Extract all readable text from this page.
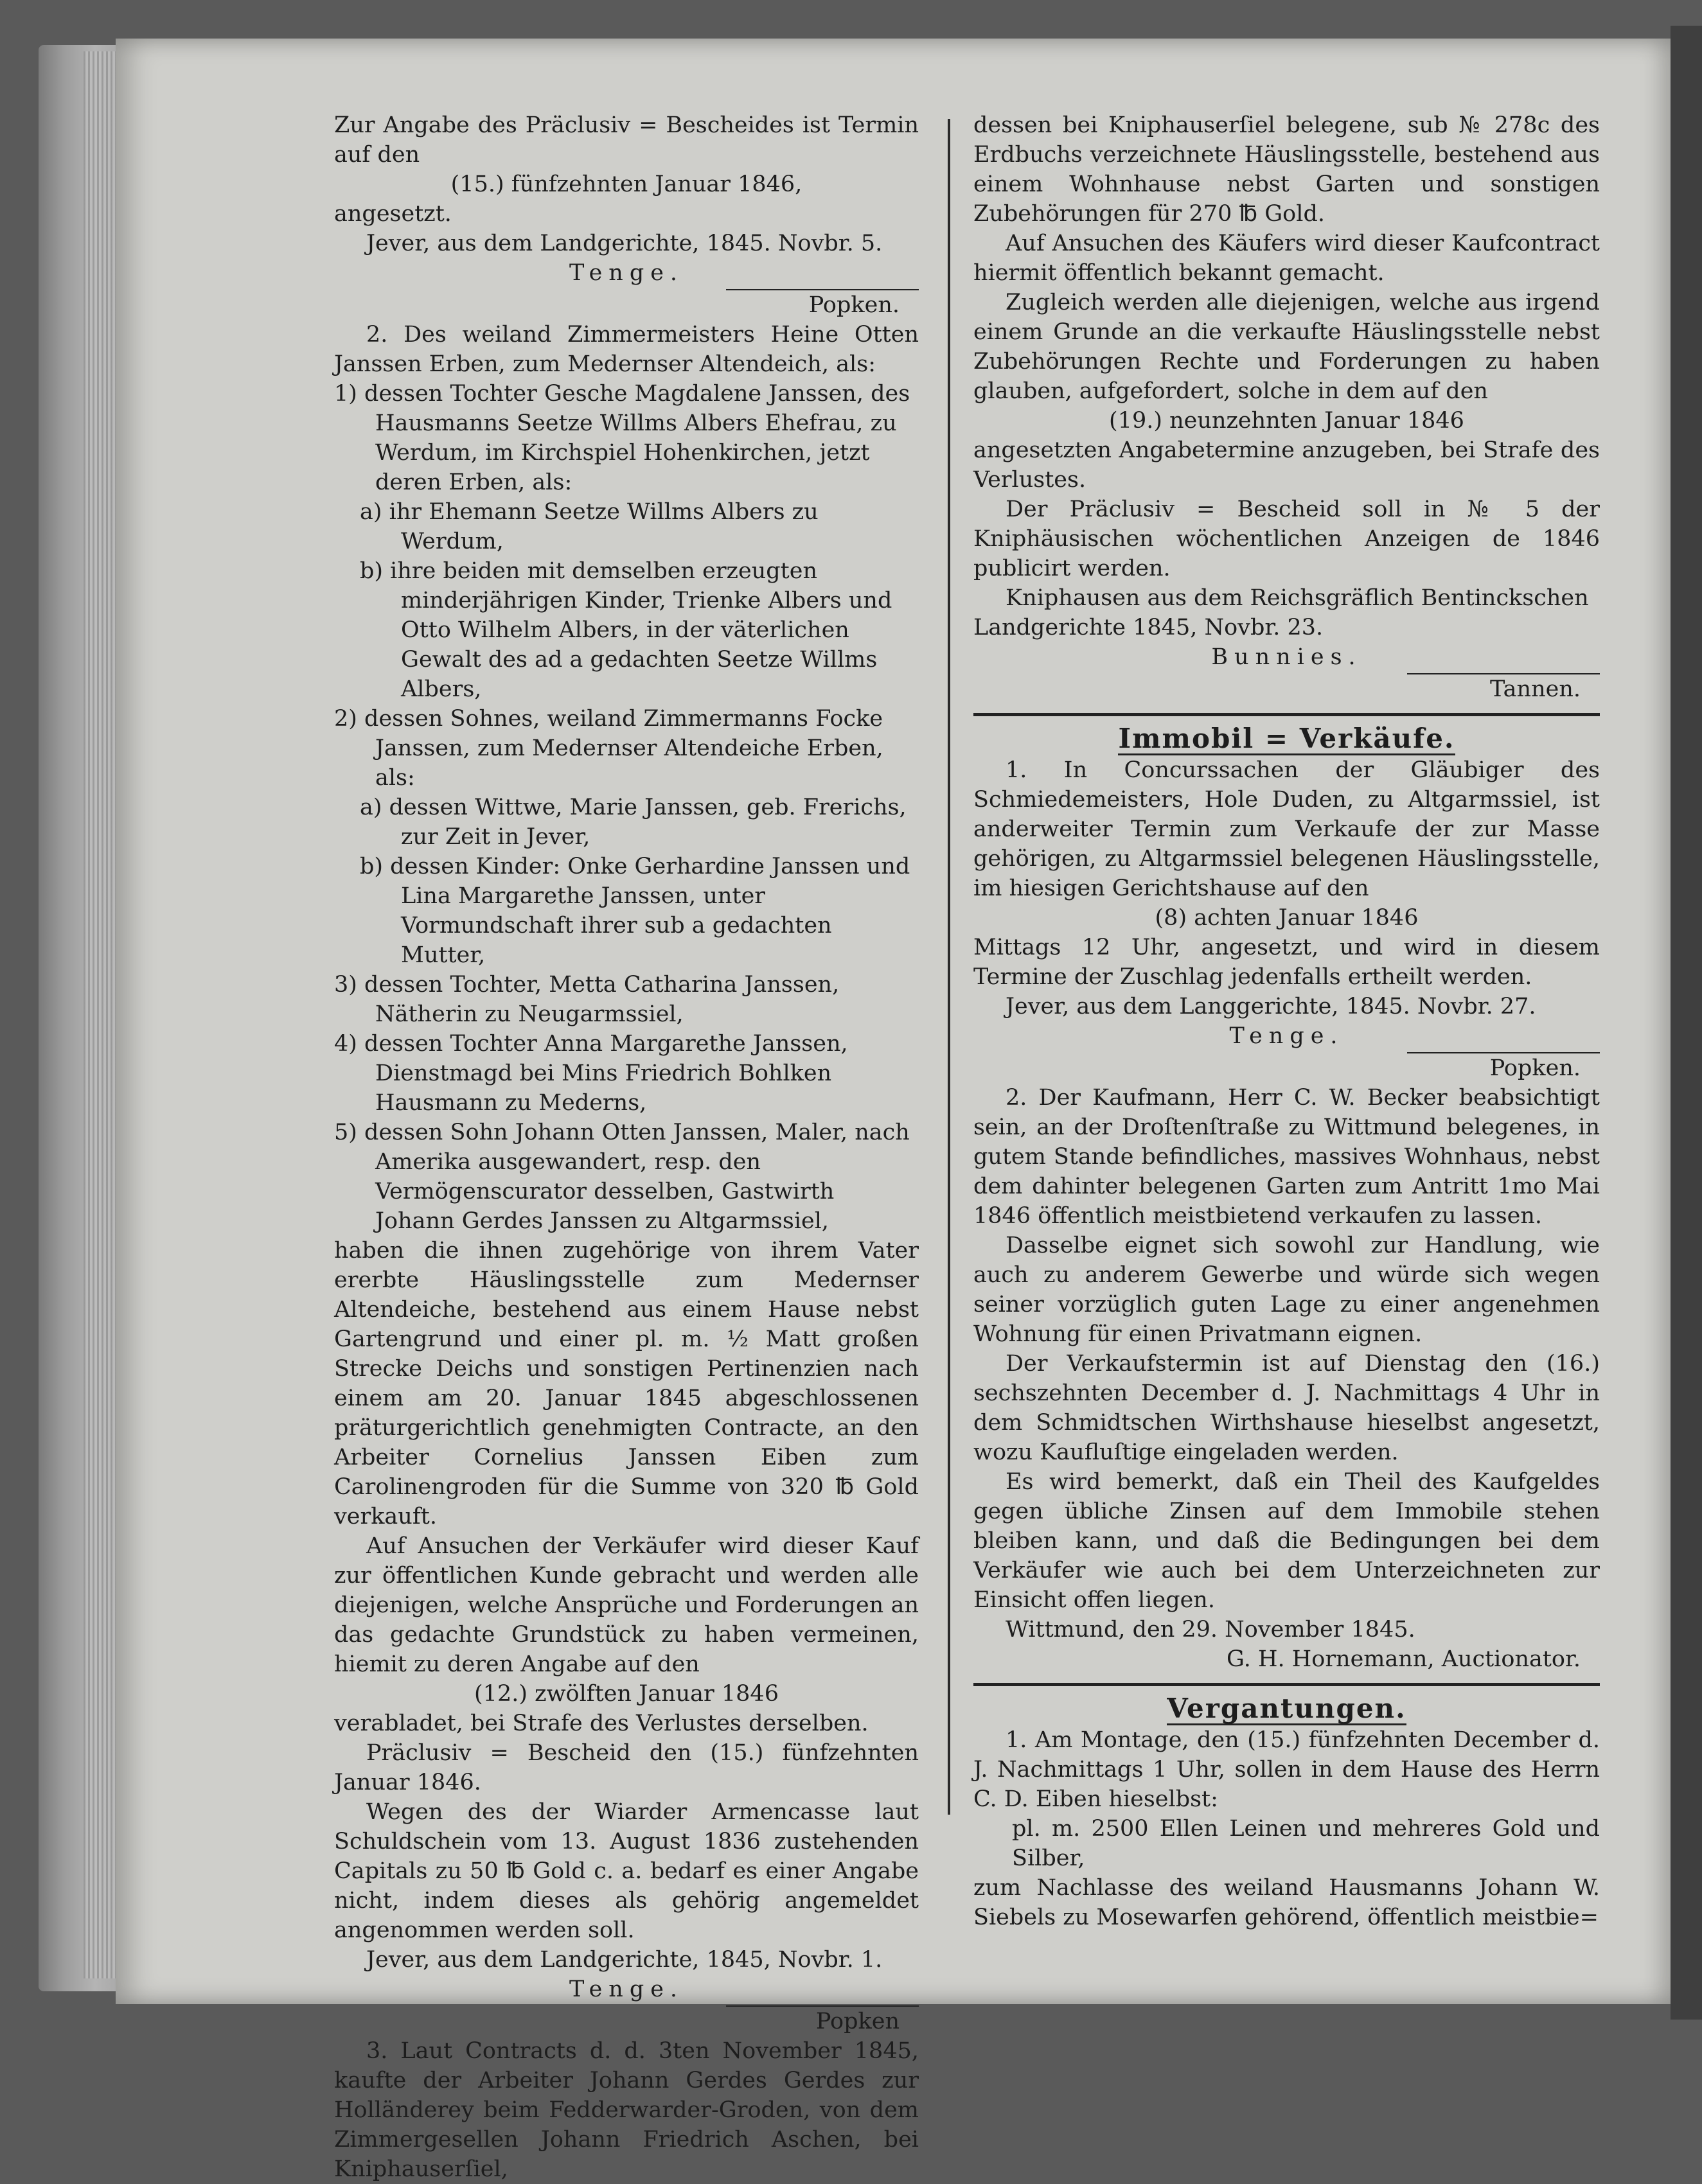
Zur Angabe des Präclusiv = Bescheides ist Termin auf den

(15.) fünfzehnten Januar 1846,

angesetzt.

Jever, aus dem Landgerichte, 1845. Novbr. 5.

Tenge.

Popken.

2. Des weiland Zimmermeisters Heine Otten Janssen Erben, zum Medernser Altendeich, als:

1) dessen Tochter Gesche Magdalene Janssen, des Hausmanns Seetze Willms Albers Ehefrau, zu Werdum, im Kirchspiel Hohenkirchen, jetzt deren Erben, als:

a) ihr Ehemann Seetze Willms Albers zu Werdum,

b) ihre beiden mit demselben erzeugten minderjährigen Kinder, Trienke Albers und Otto Wilhelm Albers, in der väterlichen Gewalt des ad a gedachten Seetze Willms Albers,

2) dessen Sohnes, weiland Zimmermanns Focke Janssen, zum Medernser Altendeiche Erben, als:

a) dessen Wittwe, Marie Janssen, geb. Frerichs, zur Zeit in Jever,

b) dessen Kinder: Onke Gerhardine Janssen und Lina Margarethe Janssen, unter Vormundschaft ihrer sub a gedachten Mutter,

3) dessen Tochter, Metta Catharina Janssen, Nätherin zu Neugarmssiel,

4) dessen Tochter Anna Margarethe Janssen, Dienstmagd bei Mins Friedrich Bohlken Hausmann zu Mederns,

5) dessen Sohn Johann Otten Janssen, Maler, nach Amerika ausgewandert, resp. den Vermögenscurator desselben, Gastwirth Johann Gerdes Janssen zu Altgarmssiel,

haben die ihnen zugehörige von ihrem Vater ererbte Häuslingsstelle zum Medernser Altendeiche, bestehend aus einem Hause nebst Gartengrund und einer pl. m. ½ Matt großen Strecke Deichs und sonstigen Pertinenzien nach einem am 20. Januar 1845 abgeschlossenen präturgerichtlich genehmigten Contracte, an den Arbeiter Cornelius Janssen Eiben zum Carolinengroden für die Summe von 320 ℔ Gold verkauft.

Auf Ansuchen der Verkäufer wird dieser Kauf zur öffentlichen Kunde gebracht und werden alle diejenigen, welche Ansprüche und Forderungen an das gedachte Grundstück zu haben vermeinen, hiemit zu deren Angabe auf den

(12.) zwölften Januar 1846

verabladet, bei Strafe des Verlustes derselben.

Präclusiv = Bescheid den (15.) fünfzehnten Januar 1846.

Wegen des der Wiarder Armencasse laut Schuldschein vom 13. August 1836 zustehenden Capitals zu 50 ℔ Gold c. a. bedarf es einer Angabe nicht, indem dieses als gehörig angemeldet angenommen werden soll.

Jever, aus dem Landgerichte, 1845, Novbr. 1.

Tenge.

Popken

3. Laut Contracts d. d. 3ten November 1845, kaufte der Arbeiter Johann Gerdes Gerdes zur Holländerey beim Fedderwarder-Groden, von dem Zimmergesellen Johann Friedrich Aschen, bei Kniphauserſiel,

dessen bei Kniphauserſiel belegene, sub № 278c des Erdbuchs verzeichnete Häuslingsstelle, bestehend aus einem Wohnhause nebst Garten und sonstigen Zubehörungen für 270 ℔ Gold.

Auf Ansuchen des Käufers wird dieser Kaufcontract hiermit öffentlich bekannt gemacht.

Zugleich werden alle diejenigen, welche aus irgend einem Grunde an die verkaufte Häuslingsstelle nebst Zubehörungen Rechte und Forderungen zu haben glauben, aufgefordert, solche in dem auf den

(19.) neunzehnten Januar 1846

angesetzten Angabetermine anzugeben, bei Strafe des Verlustes.

Der Präclusiv = Bescheid soll in № 5 der Kniphäusischen wöchentlichen Anzeigen de 1846 publicirt werden.

Kniphausen aus dem Reichsgräflich Bentinckschen Landgerichte 1845, Novbr. 23.

Bunnies.

Tannen.

Immobil = Verkäufe.

1. In Concurssachen der Gläubiger des Schmiedemeisters, Hole Duden, zu Altgarmssiel, ist anderweiter Termin zum Verkaufe der zur Masse gehörigen, zu Altgarmssiel belegenen Häuslingsstelle, im hiesigen Gerichtshause auf den

(8) achten Januar 1846

Mittags 12 Uhr, angesetzt, und wird in diesem Termine der Zuschlag jedenfalls ertheilt werden.

Jever, aus dem Langgerichte, 1845. Novbr. 27.

Tenge.

Popken.

2. Der Kaufmann, Herr C. W. Becker beabsichtigt sein, an der Droſtenſtraße zu Wittmund belegenes, in gutem Stande befindliches, massives Wohnhaus, nebst dem dahinter belegenen Garten zum Antritt 1mo Mai 1846 öffentlich meistbietend verkaufen zu lassen.

Dasselbe eignet sich sowohl zur Handlung, wie auch zu anderem Gewerbe und würde sich wegen seiner vorzüglich guten Lage zu einer angenehmen Wohnung für einen Privatmann eignen.

Der Verkaufstermin ist auf Dienstag den (16.) sechszehnten December d. J. Nachmittags 4 Uhr in dem Schmidtschen Wirthshause hieselbst angesetzt, wozu Kaufluſtige eingeladen werden.

Es wird bemerkt, daß ein Theil des Kaufgeldes gegen übliche Zinsen auf dem Immobile stehen bleiben kann, und daß die Bedingungen bei dem Verkäufer wie auch bei dem Unterzeichneten zur Einsicht offen liegen.

Wittmund, den 29. November 1845.

G. H. Hornemann, Auctionator.

Vergantungen.

1. Am Montage, den (15.) fünfzehnten December d. J. Nachmittags 1 Uhr, sollen in dem Hause des Herrn C. D. Eiben hieselbst:

pl. m. 2500 Ellen Leinen und mehreres Gold und Silber,

zum Nachlasse des weiland Hausmanns Johann W. Siebels zu Mosewarfen gehörend, öffentlich meistbie=
